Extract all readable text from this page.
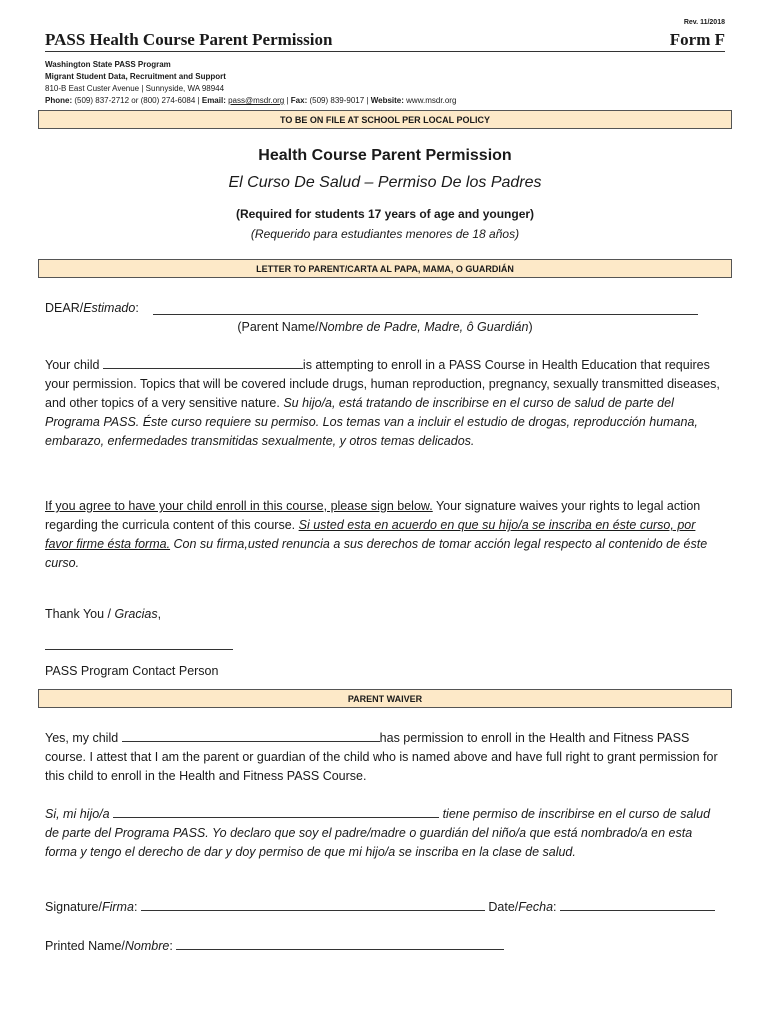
Rev. 11/2018
PASS Health Course Parent Permission	Form F
Washington State PASS Program
Migrant Student Data, Recruitment and Support
810-B East Custer Avenue | Sunnyside, WA 98944
Phone: (509) 837-2712 or (800) 274-6084 | Email: pass@msdr.org | Fax: (509) 839-9017 | Website: www.msdr.org
TO BE ON FILE AT SCHOOL PER LOCAL POLICY
Health Course Parent Permission
El Curso De Salud – Permiso De los Padres
(Required for students 17 years of age and younger)
(Requerido para estudiantes menores de 18 años)
LETTER TO PARENT/CARTA AL PAPA, MAMA, O GUARDIÁN
DEAR/Estimado:
(Parent Name/Nombre de Padre, Madre, ô Guardián)
Your child	is attempting to enroll in a PASS Course in Health Education that requires your permission. Topics that will be covered include drugs, human reproduction, pregnancy, sexually transmitted diseases, and other topics of a very sensitive nature. Su hijo/a, está tratando de inscribirse en el curso de salud de parte del Programa PASS. Éste curso requiere su permiso. Los temas van a incluir el estudio de drogas, reproducción humana, embarazo, enfermedades transmitidas sexualmente, y otros temas delicados.
If you agree to have your child enroll in this course, please sign below. Your signature waives your rights to legal action regarding the curricula content of this course. Si usted esta en acuerdo en que su hijo/a se inscriba en éste curso, por favor firme ésta forma. Con su firma,usted renuncia a sus derechos de tomar acción legal respecto al contenido de éste curso.
Thank You / Gracias,
PASS Program Contact Person
PARENT WAIVER
Yes, my child	has permission to enroll in the Health and Fitness PASS course. I attest that I am the parent or guardian of the child who is named above and have full right to grant permission for this child to enroll in the Health and Fitness PASS Course.
Si, mi hijo/a	tiene permiso de inscribirse en el curso de salud de parte del Programa PASS. Yo declaro que soy el padre/madre o guardián del niño/a que está nombrado/a en esta forma y tengo el derecho de dar y doy permiso de que mi hijo/a se inscriba en la clase de salud.
Signature/Firma:	Date/Fecha:
Printed Name/Nombre:
